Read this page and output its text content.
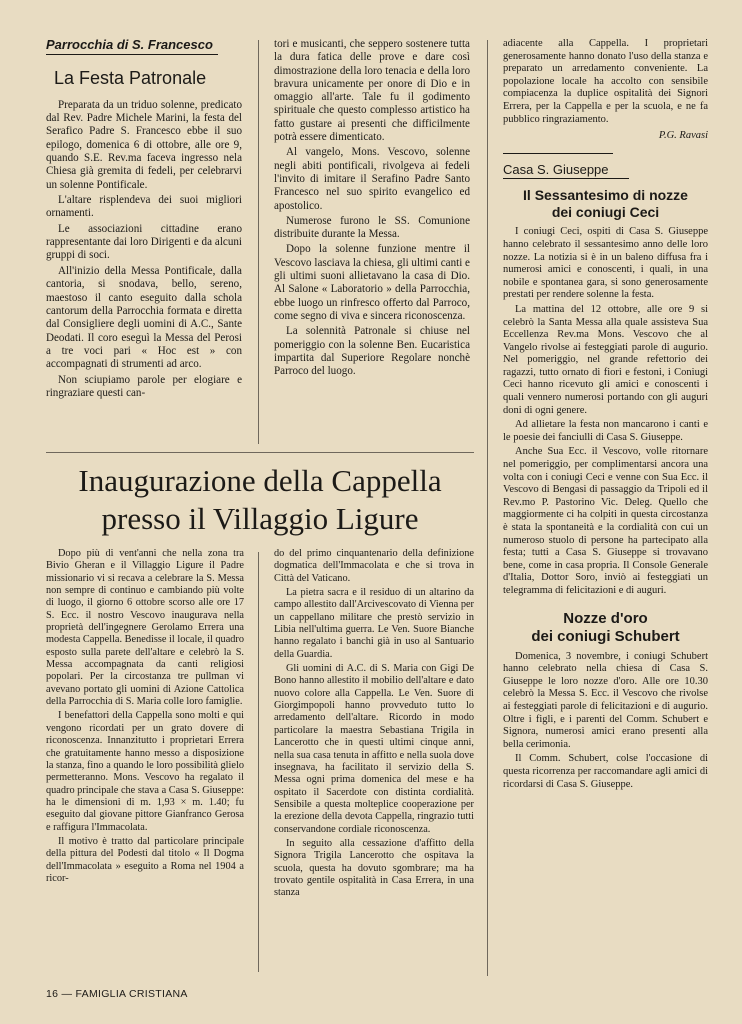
Parrocchia di S. Francesco
La Festa Patronale

Preparata da un triduo solenne, predicato dal Rev. Padre Michele Marini, la festa del Serafico Padre S. Francesco ebbe il suo epilogo, domenica 6 di ottobre, alle ore 9, quando S.E. Rev.ma faceva ingresso nela Chiesa già gremita di fedeli, per celebrarvi un solenne Pontificale.

L'altare risplendeva dei suoi migliori ornamenti.

Le associazioni cittadine erano rappresentante dai loro Dirigenti e da alcuni gruppi di soci.

All'inizio della Messa Pontificale, dalla cantoria, si snodava, bello, sereno, maestoso il canto eseguito dalla schola cantorum della Parrocchia formata e diretta dal Consigliere degli uomini di A.C., Sante Deodati. Il coro eseguì la Messa del Perosi a tre voci pari « Hoc est » con accompagnati di strumenti ad arco.

Non sciupiamo parole per elogiare e ringraziare questi can-

tori e musicanti, che seppero sostenere tutta la dura fatica delle prove e dare così dimostrazione della loro tenacia e della loro bravura unicamente per onore di Dio e in omaggio all'arte. Tale fu il godimento spirituale che questo complesso artistico ha fatto gustare ai presenti che difficilmente potrà essere dimenticato.

Al vangelo, Mons. Vescovo, solenne negli abiti pontificali, rivolgeva ai fedeli l'invito di imitare il Serafino Padre Santo Francesco nel suo spirito evangelico ed apostolico.

Numerose furono le SS. Comunione distribuite durante la Messa.

Dopo la solenne funzione mentre il Vescovo lasciava la chiesa, gli ultimi canti e gli ultimi suoni allietavano la casa di Dio. Al Salone « Laboratorio » della Parrocchia, ebbe luogo un rinfresco offerto dal Parroco, come segno di viva e sincera riconoscenza.

La solennità Patronale si chiuse nel pomeriggio con la solenne Ben. Eucaristica impartita dal Superiore Regolare nonchè Parroco del luogo.

adiacente alla Cappella. I proprietari generosamente hanno donato l'uso della stanza e preparato un arredamento conveniente. La popolazione locale ha accolto con sensibile compiacenza la duplice ospitalità dei Signori Errera, per la Cappella e per la scuola, e ne fa pubblico ringraziamento.

P.G. Ravasi
Casa S. Giuseppe
Il Sessantesimo di nozze
dei coniugi Ceci

I coniugi Ceci, ospiti di Casa S. Giuseppe hanno celebrato il sessantesimo anno delle loro nozze. La notizia si è in un baleno diffusa fra i numerosi amici e conoscenti, i quali, in una nobile e spontanea gara, si sono generosamente prestati per rendere solenne la festa.

La mattina del 12 ottobre, alle ore 9 si celebrò la Santa Messa alla quale assisteva Sua Eccellenza Rev.ma Mons. Vescovo che al Vangelo rivolse ai festeggiati parole di augurio. Nel pomeriggio, nel grande refettorio dei ragazzi, tutto ornato di fiori e festoni, i Coniugi Ceci hanno ricevuto gli amici e conoscenti i quali vennero numerosi portando con gli auguri doni di ogni genere.

Ad allietare la festa non mancarono i canti e le poesie dei fanciulli di Casa S. Giuseppe.

Anche Sua Ecc. il Vescovo, volle ritornare nel pomeriggio, per complimentarsi ancora una volta con i coniugi Ceci e venne con Sua Ecc. il Vescovo di Bengasi di passaggio da Tripoli ed il Rev.mo P. Pastorino Vic. Deleg. Quello che maggiormente ci ha colpiti in questa circostanza è stata la spontaneità e la cordialità con cui un numeroso stuolo di persone ha partecipato alla festa; tutti a Casa S. Giuseppe si trovavano bene, come in casa propria. Il Console Generale d'Italia, Dottor Soro, inviò ai festeggiati un telegramma di felicitazioni e di auguri.

Nozze d'oro
dei coniugi Schubert

Domenica, 3 novembre, i coniugi Schubert hanno celebrato nella chiesa di Casa S. Giuseppe le loro nozze d'oro. Alle ore 10.30 celebrò la Messa S. Ecc. il Vescovo che rivolse ai festeggiati parole di felicitazioni e di augurio. Oltre i figli, e i parenti del Comm. Schubert e Signora, numerosi amici erano presenti alla bella cerimonia.

Il Comm. Schubert, colse l'occasione di questa ricorrenza per raccomandare agli amici di ricordarsi di Casa S. Giuseppe.

Inaugurazione della Cappella
presso il Villaggio Ligure

Dopo più di vent'anni che nella zona tra Bivio Gheran e il Villaggio Ligure il Padre missionario vi si recava a celebrare la S. Messa non sempre di continuo e cambiando più volte di luogo, il giorno 6 ottobre scorso alle ore 17 S. Ecc. il nostro Vescovo inaugurava nella proprietà dell'ingegnere Gerolamo Errera una modesta Cappella. Benedisse il locale, il quadro esposto sulla parete dell'altare e celebrò la S. Messa accompagnata da canti religiosi popolari. Per la circostanza tre pullman vi avevano portato gli uomini di Azione Cattolica della Parrocchia di S. Maria colle loro famiglie.

I benefattori della Cappella sono molti e qui vengono ricordati per un grato dovere di riconoscenza. Innanzitutto i proprietari Errera che gratuitamente hanno messo a disposizione la stanza, fino a quando le loro possibilità glielo permetteranno. Mons. Vescovo ha regalato il quadro principale che stava a Casa S. Giuseppe: ha le dimensioni di m. 1,93 × m. 1.40; fu eseguito dal giovane pittore Gianfranco Gerosa e raffigura l'Immacolata.

Il motivo è tratto dal particolare principale della pittura del Podesti dal titolo « Il Dogma dell'Immacolata » eseguito a Roma nel 1904 a ricor-

do del primo cinquantenario della definizione dogmatica dell'Immacolata e che si trova in Città del Vaticano.

La pietra sacra e il residuo di un altarino da campo allestito dall'Arcivescovato di Vienna per un cappellano militare che prestò servizio in Libia nell'ultima guerra. Le Ven. Suore Bianche hanno regalato i banchi già in uso al Santuario della Guardia.

Gli uomini di A.C. di S. Maria con Gigi De Bono hanno allestito il mobilio dell'altare e dato nuovo colore alla Cappella. Le Ven. Suore di Giorgimpopoli hanno provveduto tutto lo arredamento dell'altare. Ricordo in modo particolare la maestra Sebastiana Trigila in Lancerotto che in questi ultimi cinque anni, nella sua casa tenuta in affitto e nella suola dove insegnava, ha facilitato il servizio della S. Messa ogni prima domenica del mese e ha ospitato il Sacerdote con distinta cordialità. Sensibile a questa molteplice cooperazione per la erezione della devota Cappella, ringrazio tutti conservandone cordiale riconoscenza.

In seguito alla cessazione d'affitto della Signora Trigila Lancerotto che ospitava la scuola, questa ha dovuto sgombrare; ma ha trovato gentile ospitalità in Casa Errera, in una stanza

16 — FAMIGLIA CRISTIANA
